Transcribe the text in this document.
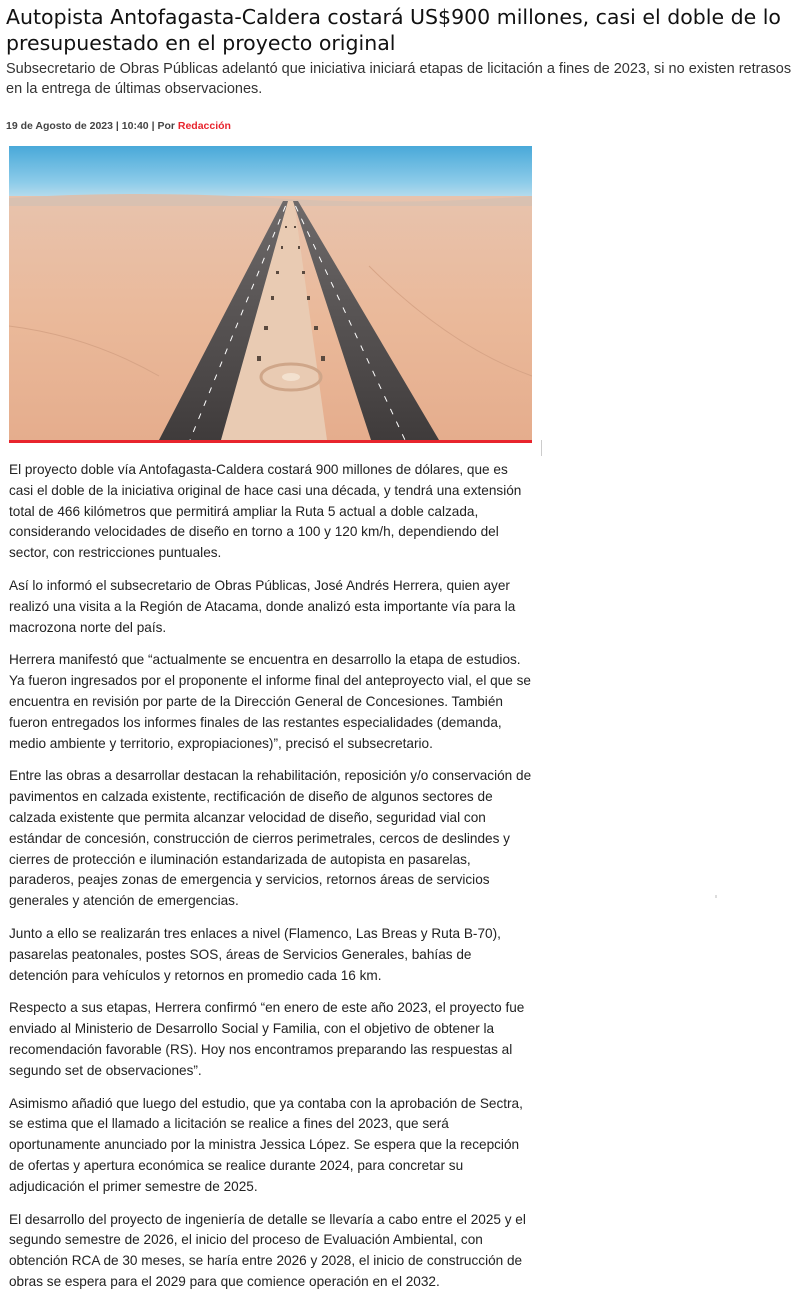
Autopista Antofagasta-Caldera costará US$900 millones, casi el doble de lo presupuestado en el proyecto original

Subsecretario de Obras Públicas adelantó que iniciativa iniciará etapas de licitación a fines de 2023, si no existen retrasos en la entrega de últimas observaciones.

19 de Agosto de 2023 | 10:40 | Por Redacción

El proyecto doble vía Antofagasta-Caldera costará 900 millones de dólares, que es casi el doble de la iniciativa original de hace casi una década, y tendrá una extensión total de 466 kilómetros que permitirá ampliar la Ruta 5 actual a doble calzada, considerando velocidades de diseño en torno a 100 y 120 km/h, dependiendo del sector, con restricciones puntuales.

Así lo informó el subsecretario de Obras Públicas, José Andrés Herrera, quien ayer realizó una visita a la Región de Atacama, donde analizó esta importante vía para la macrozona norte del país.

Herrera manifestó que “actualmente se encuentra en desarrollo la etapa de estudios. Ya fueron ingresados por el proponente el informe final del anteproyecto vial, el que se encuentra en revisión por parte de la Dirección General de Concesiones. También fueron entregados los informes finales de las restantes especialidades (demanda, medio ambiente y territorio, expropiaciones)”, precisó el subsecretario.

Entre las obras a desarrollar destacan la rehabilitación, reposición y/o conservación de pavimentos en calzada existente, rectificación de diseño de algunos sectores de calzada existente que permita alcanzar velocidad de diseño, seguridad vial con estándar de concesión, construcción de cierros perimetrales, cercos de deslindes y cierres de protección e iluminación estandarizada de autopista en pasarelas, paraderos, peajes zonas de emergencia y servicios, retornos áreas de servicios generales y atención de emergencias.

Junto a ello se realizarán tres enlaces a nivel (Flamenco, Las Breas y Ruta B-70), pasarelas peatonales, postes SOS, áreas de Servicios Generales, bahías de detención para vehículos y retornos en promedio cada 16 km.

Respecto a sus etapas, Herrera confirmó “en enero de este año 2023, el proyecto fue enviado al Ministerio de Desarrollo Social y Familia, con el objetivo de obtener la recomendación favorable (RS). Hoy nos encontramos preparando las respuestas al segundo set de observaciones”.

Asimismo añadió que luego del estudio, que ya contaba con la aprobación de Sectra, se estima que el llamado a licitación se realice a fines del 2023, que será oportunamente anunciado por la ministra Jessica López. Se espera que la recepción de ofertas y apertura económica se realice durante 2024, para concretar su adjudicación el primer semestre de 2025.

El desarrollo del proyecto de ingeniería de detalle se llevaría a cabo entre el 2025 y el segundo semestre de 2026, el inicio del proceso de Evaluación Ambiental, con obtención RCA de 30 meses, se haría entre 2026 y 2028, el inicio de construcción de obras se espera para el 2029 para que comience operación en el 2032.
